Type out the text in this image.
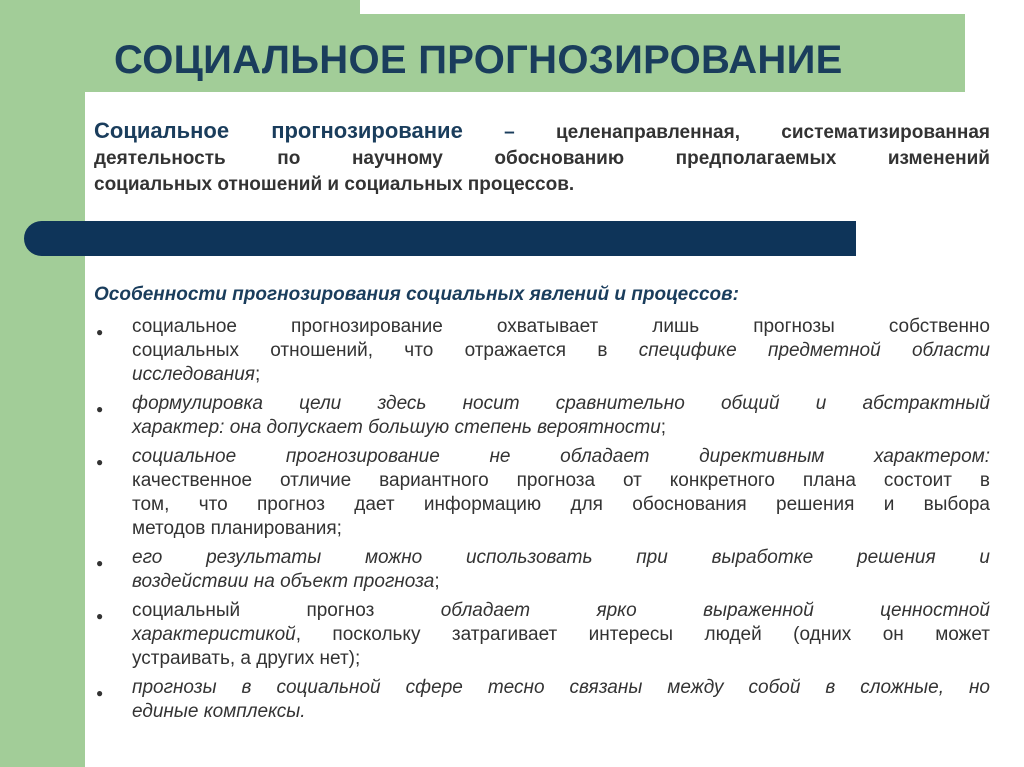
СОЦИАЛЬНОЕ ПРОГНОЗИРОВАНИЕ
Социальное прогнозирование – целенаправленная, систематизированная
деятельность по научному обоснованию предполагаемых изменений
социальных отношений и социальных процессов.
Особенности прогнозирования социальных явлений и процессов:
● социальное прогнозирование охватывает лишь прогнозы собственно
социальных отношений, что отражается в специфике предметной области
исследования;
● формулировка цели здесь носит сравнительно общий и абстрактный
характер: она допускает большую степень вероятности;
● социальное прогнозирование не обладает директивным характером:
качественное отличие вариантного прогноза от конкретного плана состоит в
том, что прогноз дает информацию для обоснования решения и выбора
методов планирования;
● его результаты можно использовать при выработке решения и
воздействии на объект прогноза;
● социальный прогноз обладает ярко выраженной ценностной
характеристикой, поскольку затрагивает интересы людей (одних он может
устраивать, а других нет);
● прогнозы в социальной сфере тесно связаны между собой в сложные, но
единые комплексы.
